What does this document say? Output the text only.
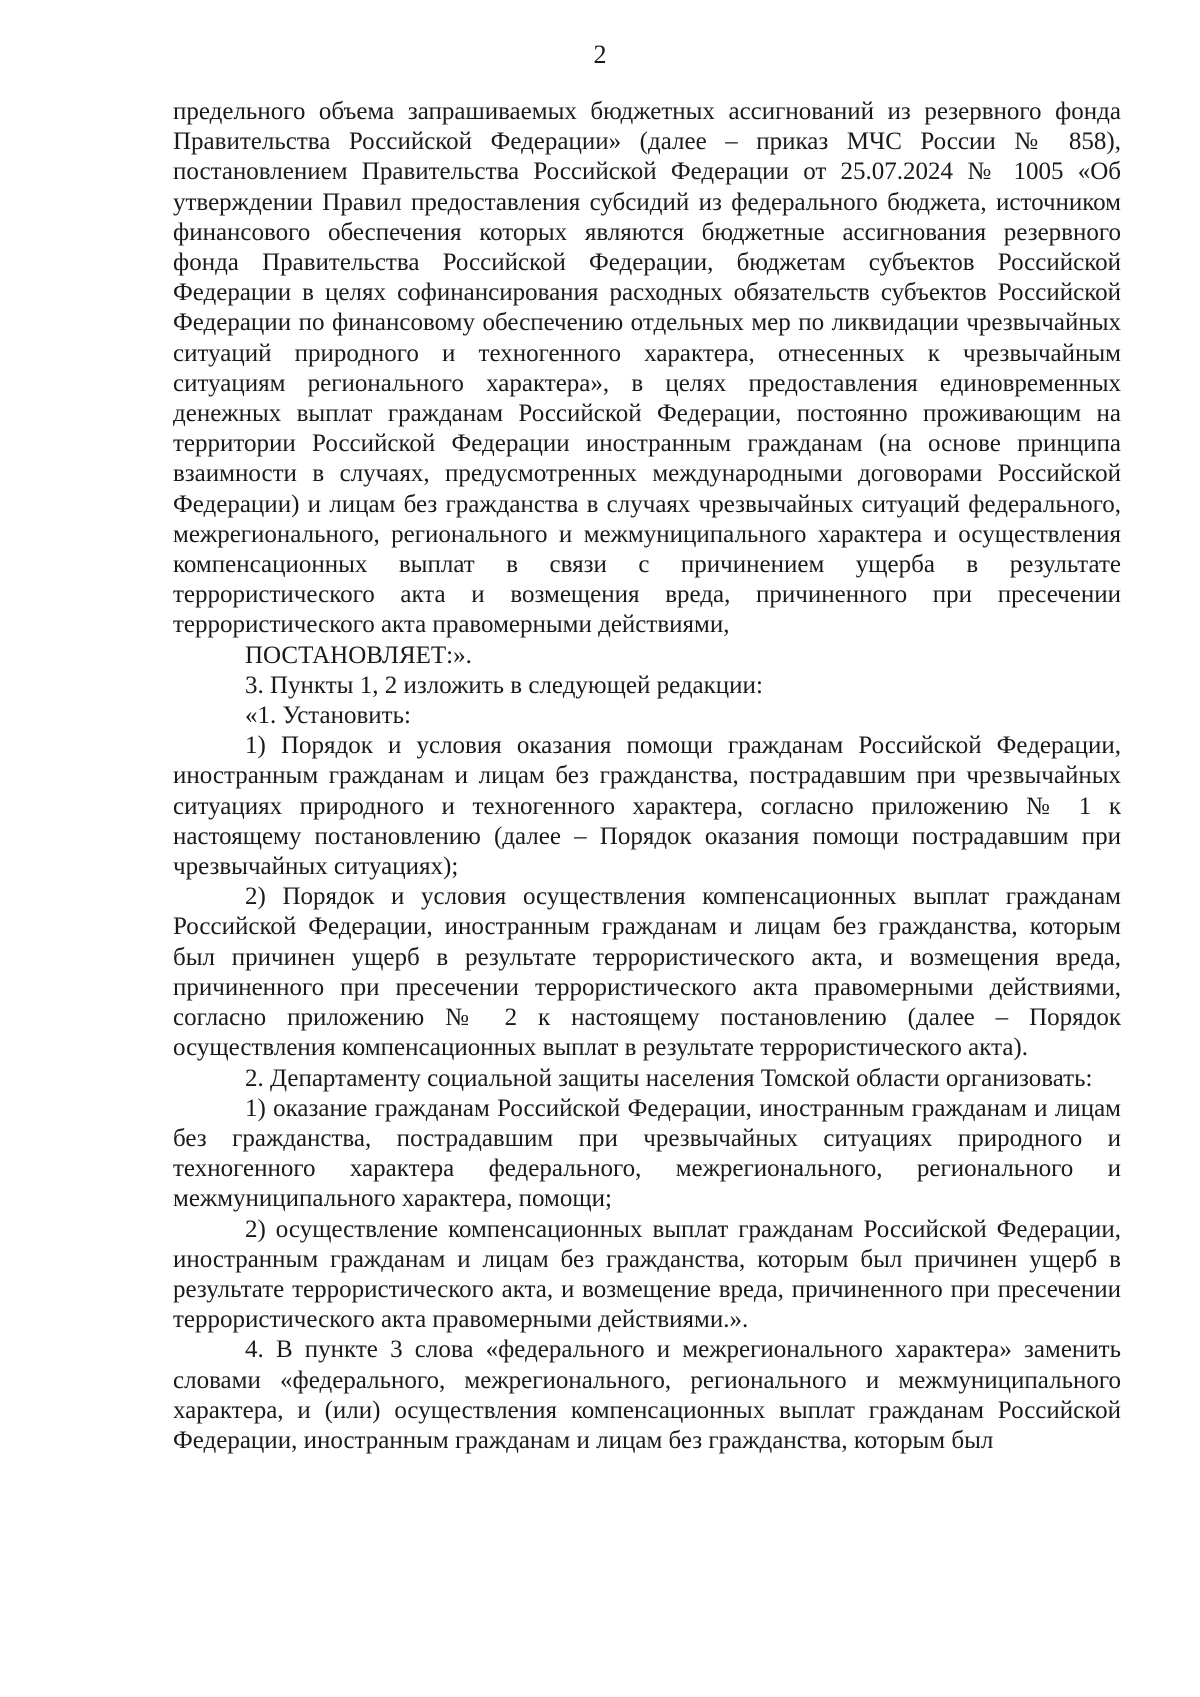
2

предельного объема запрашиваемых бюджетных ассигнований из резервного фонда Правительства Российской Федерации» (далее – приказ МЧС России № 858), постановлением Правительства Российской Федерации от 25.07.2024 № 1005 «Об утверждении Правил предоставления субсидий из федерального бюджета, источником финансового обеспечения которых являются бюджетные ассигнования резервного фонда Правительства Российской Федерации, бюджетам субъектов Российской Федерации в целях софинансирования расходных обязательств субъектов Российской Федерации по финансовому обеспечению отдельных мер по ликвидации чрезвычайных ситуаций природного и техногенного характера, отнесенных к чрезвычайным ситуациям регионального характера», в целях предоставления единовременных денежных выплат гражданам Российской Федерации, постоянно проживающим на территории Российской Федерации иностранным гражданам (на основе принципа взаимности в случаях, предусмотренных международными договорами Российской Федерации) и лицам без гражданства в случаях чрезвычайных ситуаций федерального, межрегионального, регионального и межмуниципального характера и осуществления компенсационных выплат в связи с причинением ущерба в результате террористического акта и возмещения вреда, причиненного при пресечении террористического акта правомерными действиями,

ПОСТАНОВЛЯЕТ:».

3. Пункты 1, 2 изложить в следующей редакции:

«1. Установить:

1) Порядок и условия оказания помощи гражданам Российской Федерации, иностранным гражданам и лицам без гражданства, пострадавшим при чрезвычайных ситуациях природного и техногенного характера, согласно приложению № 1 к настоящему постановлению (далее – Порядок оказания помощи пострадавшим при чрезвычайных ситуациях);

2) Порядок и условия осуществления компенсационных выплат гражданам Российской Федерации, иностранным гражданам и лицам без гражданства, которым был причинен ущерб в результате террористического акта, и возмещения вреда, причиненного при пресечении террористического акта правомерными действиями, согласно приложению № 2 к настоящему постановлению (далее – Порядок осуществления компенсационных выплат в результате террористического акта).

2. Департаменту социальной защиты населения Томской области организовать:

1) оказание гражданам Российской Федерации, иностранным гражданам и лицам без гражданства, пострадавшим при чрезвычайных ситуациях природного и техногенного характера федерального, межрегионального, регионального и межмуниципального характера, помощи;

2) осуществление компенсационных выплат гражданам Российской Федерации, иностранным гражданам и лицам без гражданства, которым был причинен ущерб в результате террористического акта, и возмещение вреда, причиненного при пресечении террористического акта правомерными действиями.».

4. В пункте 3 слова «федерального и межрегионального характера» заменить словами «федерального, межрегионального, регионального и межмуниципального характера, и (или) осуществления компенсационных выплат гражданам Российской Федерации, иностранным гражданам и лицам без гражданства, которым был
